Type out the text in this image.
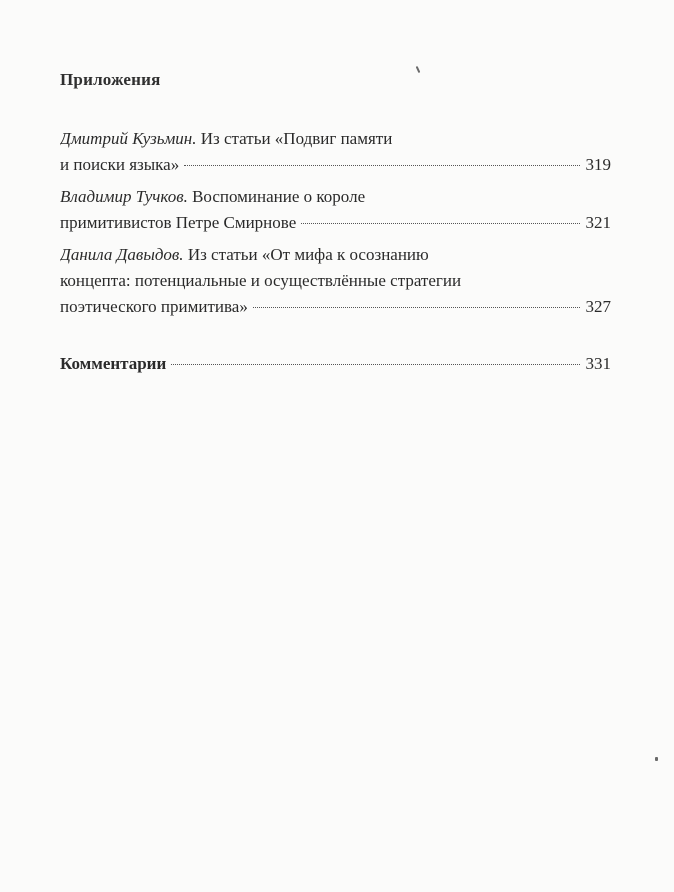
Приложения
Дмитрий Кузьмин. Из статьи «Подвиг памяти
и поиски языка»	319
Владимир Тучков. Воспоминание о короле
примитивистов Петре Смирнове	321
Данила Давыдов. Из статьи «От мифа к осознанию
концепта: потенциальные и осуществлённые стратегии
поэтического примитива»	327
Комментарии	331
